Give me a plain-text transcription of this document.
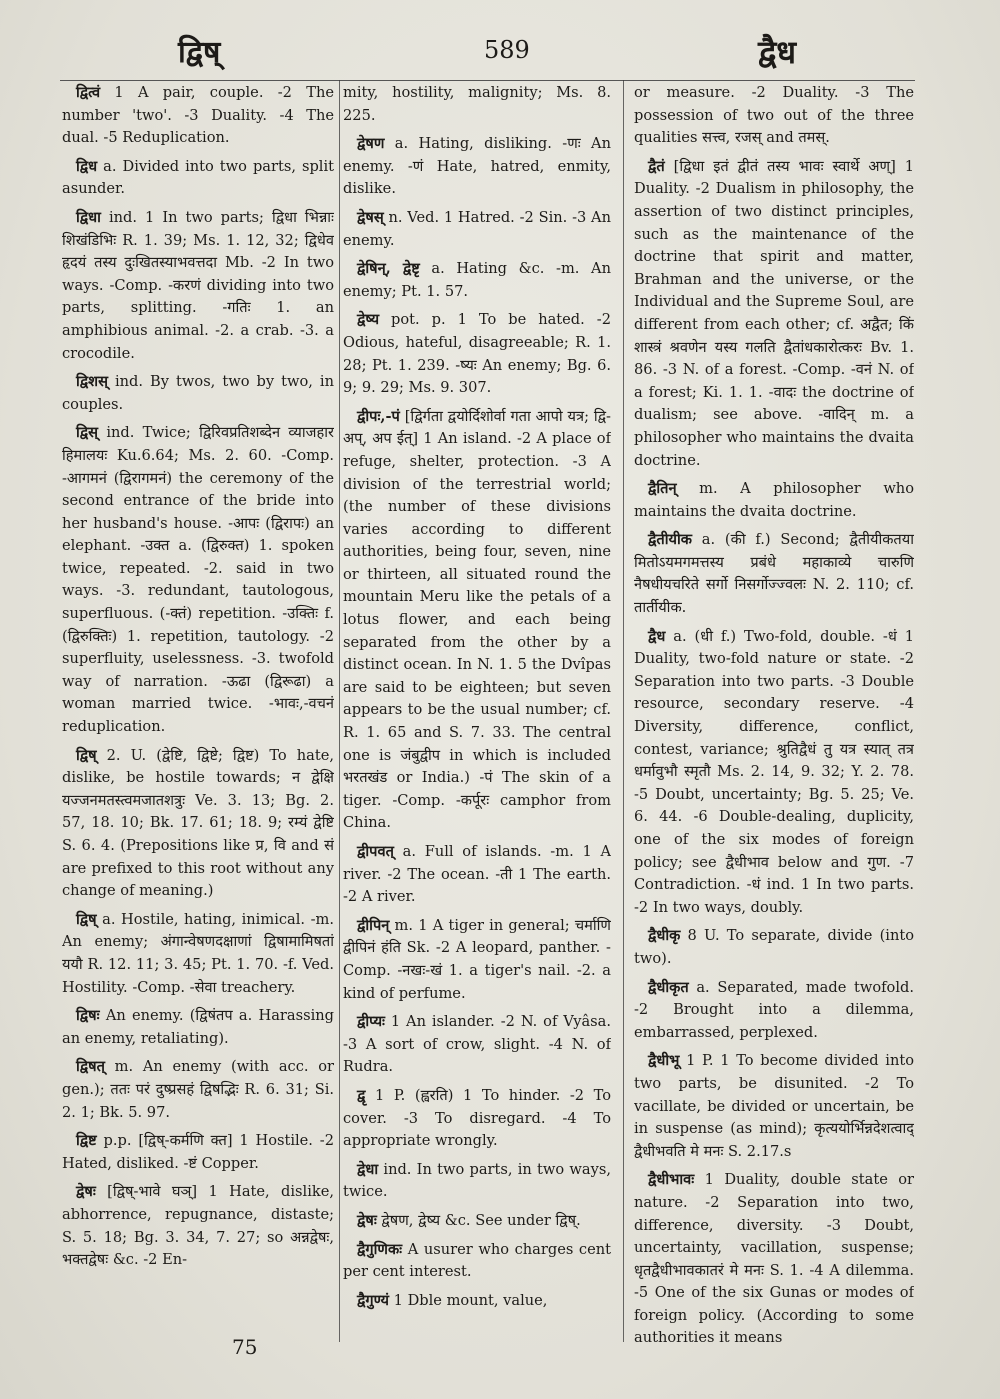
द्विष्	589	द्वैध

द्वित्वं 1 A pair, couple. -2 The number 'two'. -3 Duality. -4 The dual. -5 Reduplication.

द्विध a. Divided into two parts, split asunder.

द्विधा ind. 1 In two parts; द्विधा भिन्नाः शिखंडिभिः R. 1. 39; Ms. 1. 12, 32; द्विधेव हृदयं तस्य दुःखितस्याभवत्तदा Mb. -2 In two ways. -Comp. -करणं dividing into two parts, splitting. -गतिः 1. an amphibious animal. -2. a crab. -3. a crocodile.

द्विशस् ind. By twos, two by two, in couples.

द्विस् ind. Twice; द्विरिवप्रतिशब्देन व्याजहार हिमालयः Ku.6.64; Ms. 2. 60. -Comp. -आगमनं (द्विरागमनं) the ceremony of the second entrance of the bride into her husband's house. -आपः (द्विरापः) an elephant. -उक्त a. (द्विरुक्त) 1. spoken twice, repeated. -2. said in two ways. -3. redundant, tautologous, superfluous. (-क्तं) repetition. -उक्तिः f. (द्विरुक्तिः) 1. repetition, tautology. -2 superfluity, uselessness. -3. twofold way of narration. -ऊढा (द्विरूढा) a woman married twice. -भावः,-वचनं reduplication.

द्विष् 2. U. (द्वेष्टि, द्विष्टे; द्विष्ट) To hate, dislike, be hostile towards; न द्वेक्षि यज्जनमतस्त्वमजातशत्रुः Ve. 3. 13; Bg. 2. 57, 18. 10; Bk. 17. 61; 18. 9; रम्यं द्वेष्टि S. 6. 4. (Prepositions like प्र, वि and सं are prefixed to this root without any change of meaning.)

द्विष् a. Hostile, hating, inimical. -m. An enemy; अंगान्वेषणदक्षाणां द्विषामामिषतां ययौ R. 12. 11; 3. 45; Pt. 1. 70. -f. Ved. Hostility. -Comp. -सेवा treachery.

द्विषः An enemy. (द्विषंतप a. Harassing an enemy, retaliating).

द्विषत् m. An enemy (with acc. or gen.); ततः परं दुष्प्रसहं द्विषद्भिः R. 6. 31; Si. 2. 1; Bk. 5. 97.

द्विष्ट p.p. [द्विष्-कर्मणि क्त] 1 Hostile. -2 Hated, disliked. -ष्टं Copper.

द्वेषः [द्विष्-भावे घञ्] 1 Hate, dislike, abhorrence, repugnance, distaste; S. 5. 18; Bg. 3. 34, 7. 27; so अन्नद्वेषः, भक्तद्वेषः &c. -2 En-

mity, hostility, malignity; Ms. 8. 225.

द्वेषण a. Hating, disliking. -णः An enemy. -णं Hate, hatred, enmity, dislike.

द्वेषस् n. Ved. 1 Hatred. -2 Sin. -3 An enemy.

द्वेषिन्, द्वेष्टृ a. Hating &c. -m. An enemy; Pt. 1. 57.

द्वेष्य pot. p. 1 To be hated. -2 Odious, hateful, disagreeable; R. 1. 28; Pt. 1. 239. -ष्यः An enemy; Bg. 6. 9; 9. 29; Ms. 9. 307.

द्वीपः,-पं [द्विर्गता द्वयोर्दिशोर्वा गता आपो यत्र; द्वि-अप्, अप ईत्] 1 An island. -2 A place of refuge, shelter, protection. -3 A division of the terrestrial world; (the number of these divisions varies according to different authorities, being four, seven, nine or thirteen, all situated round the mountain Meru like the petals of a lotus flower, and each being separated from the other by a distinct ocean. In N. 1. 5 the Dvîpas are said to be eighteen; but seven appears to be the usual number; cf. R. 1. 65 and S. 7. 33. The central one is जंबुद्वीप in which is included भरतखंड or India.) -पं The skin of a tiger. -Comp. -कर्पूरः camphor from China.

द्वीपवत् a. Full of islands. -m. 1 A river. -2 The ocean. -ती 1 The earth. -2 A river.

द्वीपिन् m. 1 A tiger in general; चर्माणि द्वीपिनं हंति Sk. -2 A leopard, panther. -Comp. -नखः-खं 1. a tiger's nail. -2. a kind of perfume.

द्वीप्यः 1 An islander. -2 N. of Vyâsa. -3 A sort of crow, slight. -4 N. of Rudra.

द्वृ 1 P. (ह्वरति) 1 To hinder. -2 To cover. -3 To disregard. -4 To appropriate wrongly.

द्वेधा ind. In two parts, in two ways, twice.

द्वेषः द्वेषण, द्वेष्य &c. See under द्विष्.

द्वैगुणिकः A usurer who charges cent per cent interest.

द्वैगुण्यं 1 Dble mount, value,

or measure. -2 Duality. -3 The possession of two out of the three qualities सत्त्व, रजस् and तमस्.

द्वैतं [द्विधा इतं द्वीतं तस्य भावः स्वार्थे अण्] 1 Duality. -2 Dualism in philosophy, the assertion of two distinct principles, such as the maintenance of the doctrine that spirit and matter, Brahman and the universe, or the Individual and the Supreme Soul, are different from each other; cf. अद्वैत; किं शास्त्रं श्रवणेन यस्य गलति द्वैतांधकारोत्करः Bv. 1. 86. -3 N. of a forest. -Comp. -वनं N. of a forest; Ki. 1. 1. -वादः the doctrine of dualism; see above. -वादिन् m. a philosopher who maintains the dvaita doctrine.

द्वैतिन् m. A philosopher who maintains the dvaita doctrine.

द्वैतीयीक a. (की f.) Second; द्वैतीयीकतया मितोऽयमगमत्तस्य प्रबंधे महाकाव्ये चारुणि नैषधीयचरिते सर्गो निसर्गोज्ज्वलः N. 2. 110; cf. तार्तीयीक.

द्वैध a. (धी f.) Two-fold, double. -धं 1 Duality, two-fold nature or state. -2 Separation into two parts. -3 Double resource, secondary reserve. -4 Diversity, difference, conflict, contest, variance; श्रुतिद्वैधं तु यत्र स्यात् तत्र धर्मावुभौ स्मृतौ Ms. 2. 14, 9. 32; Y. 2. 78. -5 Doubt, uncertainty; Bg. 5. 25; Ve. 6. 44. -6 Double-dealing, duplicity, one of the six modes of foreign policy; see द्वैधीभाव below and गुण. -7 Contradiction. -धं ind. 1 In two parts. -2 In two ways, doubly.

द्वैधीकृ 8 U. To separate, divide (into two).

द्वैधीकृत a. Separated, made twofold. -2 Brought into a dilemma, embarrassed, perplexed.

द्वैधीभू 1 P. 1 To become divided into two parts, be disunited. -2 To vacillate, be divided or uncertain, be in suspense (as mind); कृत्ययोर्भिन्नदेशत्वाद् द्वैधीभवति मे मनः S. 2.17.s

द्वैधीभावः 1 Duality, double state or nature. -2 Separation into two, difference, diversity. -3 Doubt, uncertainty, vacillation, suspense; धृतद्वैधीभावकातरं मे मनः S. 1. -4 A dilemma. -5 One of the six Gunas or modes of foreign policy. (According to some authorities it means

75
